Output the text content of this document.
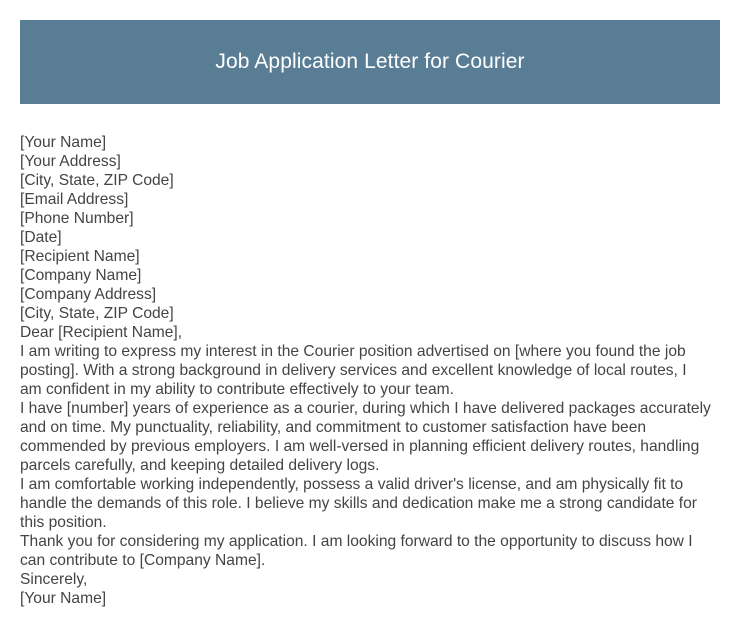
Job Application Letter for Courier
[Your Name]
[Your Address]
[City, State, ZIP Code]
[Email Address]
[Phone Number]
[Date]
[Recipient Name]
[Company Name]
[Company Address]
[City, State, ZIP Code]
Dear [Recipient Name],
I am writing to express my interest in the Courier position advertised on [where you found the job
posting]. With a strong background in delivery services and excellent knowledge of local routes, I
am confident in my ability to contribute effectively to your team.
I have [number] years of experience as a courier, during which I have delivered packages accurately
and on time. My punctuality, reliability, and commitment to customer satisfaction have been
commended by previous employers. I am well-versed in planning efficient delivery routes, handling
parcels carefully, and keeping detailed delivery logs.
I am comfortable working independently, possess a valid driver's license, and am physically fit to
handle the demands of this role. I believe my skills and dedication make me a strong candidate for
this position.
Thank you for considering my application. I am looking forward to the opportunity to discuss how I
can contribute to [Company Name].
Sincerely,
[Your Name]
